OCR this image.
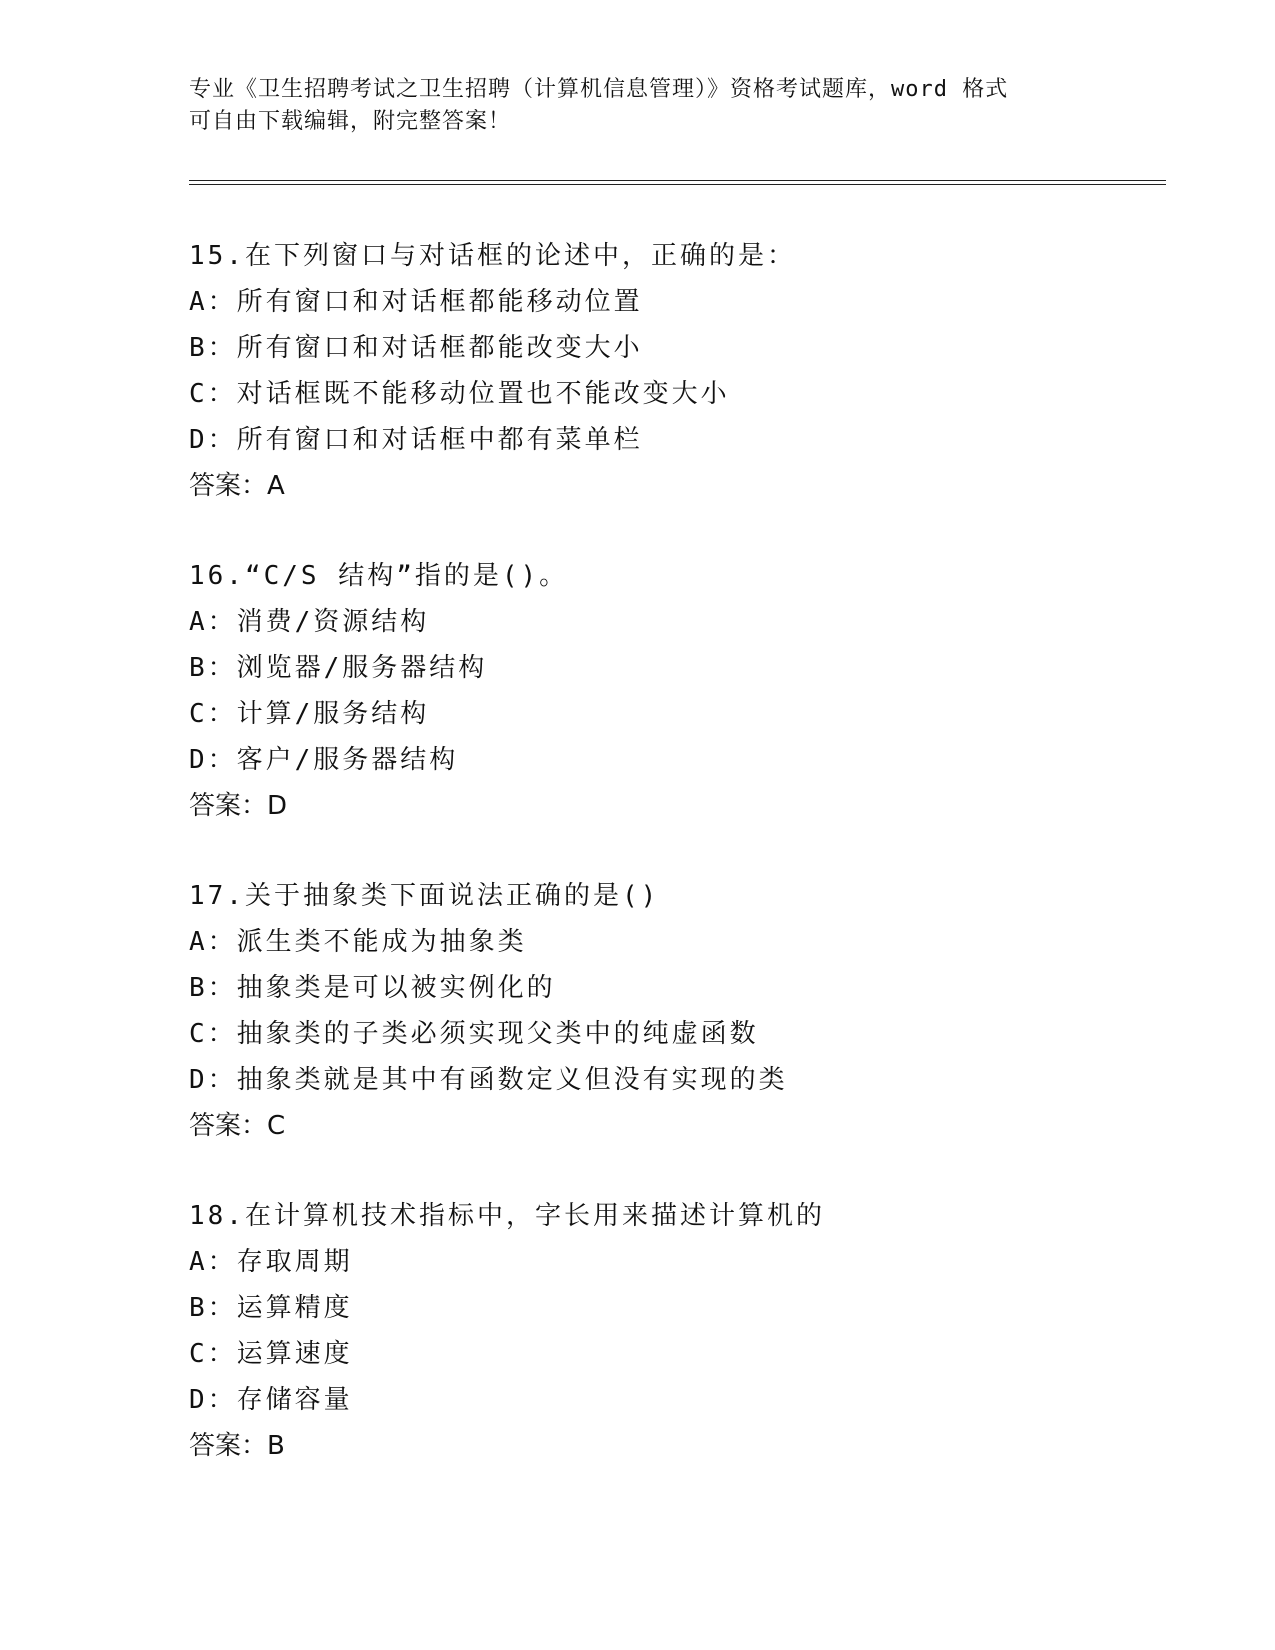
专业《卫生招聘考试之卫生招聘（计算机信息管理）》资格考试题库，word 格式
可自由下载编辑，附完整答案！
15.在下列窗口与对话框的论述中，正确的是：
A：所有窗口和对话框都能移动位置
B：所有窗口和对话框都能改变大小
C：对话框既不能移动位置也不能改变大小
D：所有窗口和对话框中都有菜单栏
答案：A
16.“C/S 结构”指的是()。
A：消费/资源结构
B：浏览器/服务器结构
C：计算/服务结构
D：客户/服务器结构
答案：D
17.关于抽象类下面说法正确的是()
A：派生类不能成为抽象类
B：抽象类是可以被实例化的
C：抽象类的子类必须实现父类中的纯虚函数
D：抽象类就是其中有函数定义但没有实现的类
答案：C
18.在计算机技术指标中，字长用来描述计算机的
A：存取周期
B：运算精度
C：运算速度
D：存储容量
答案：B
